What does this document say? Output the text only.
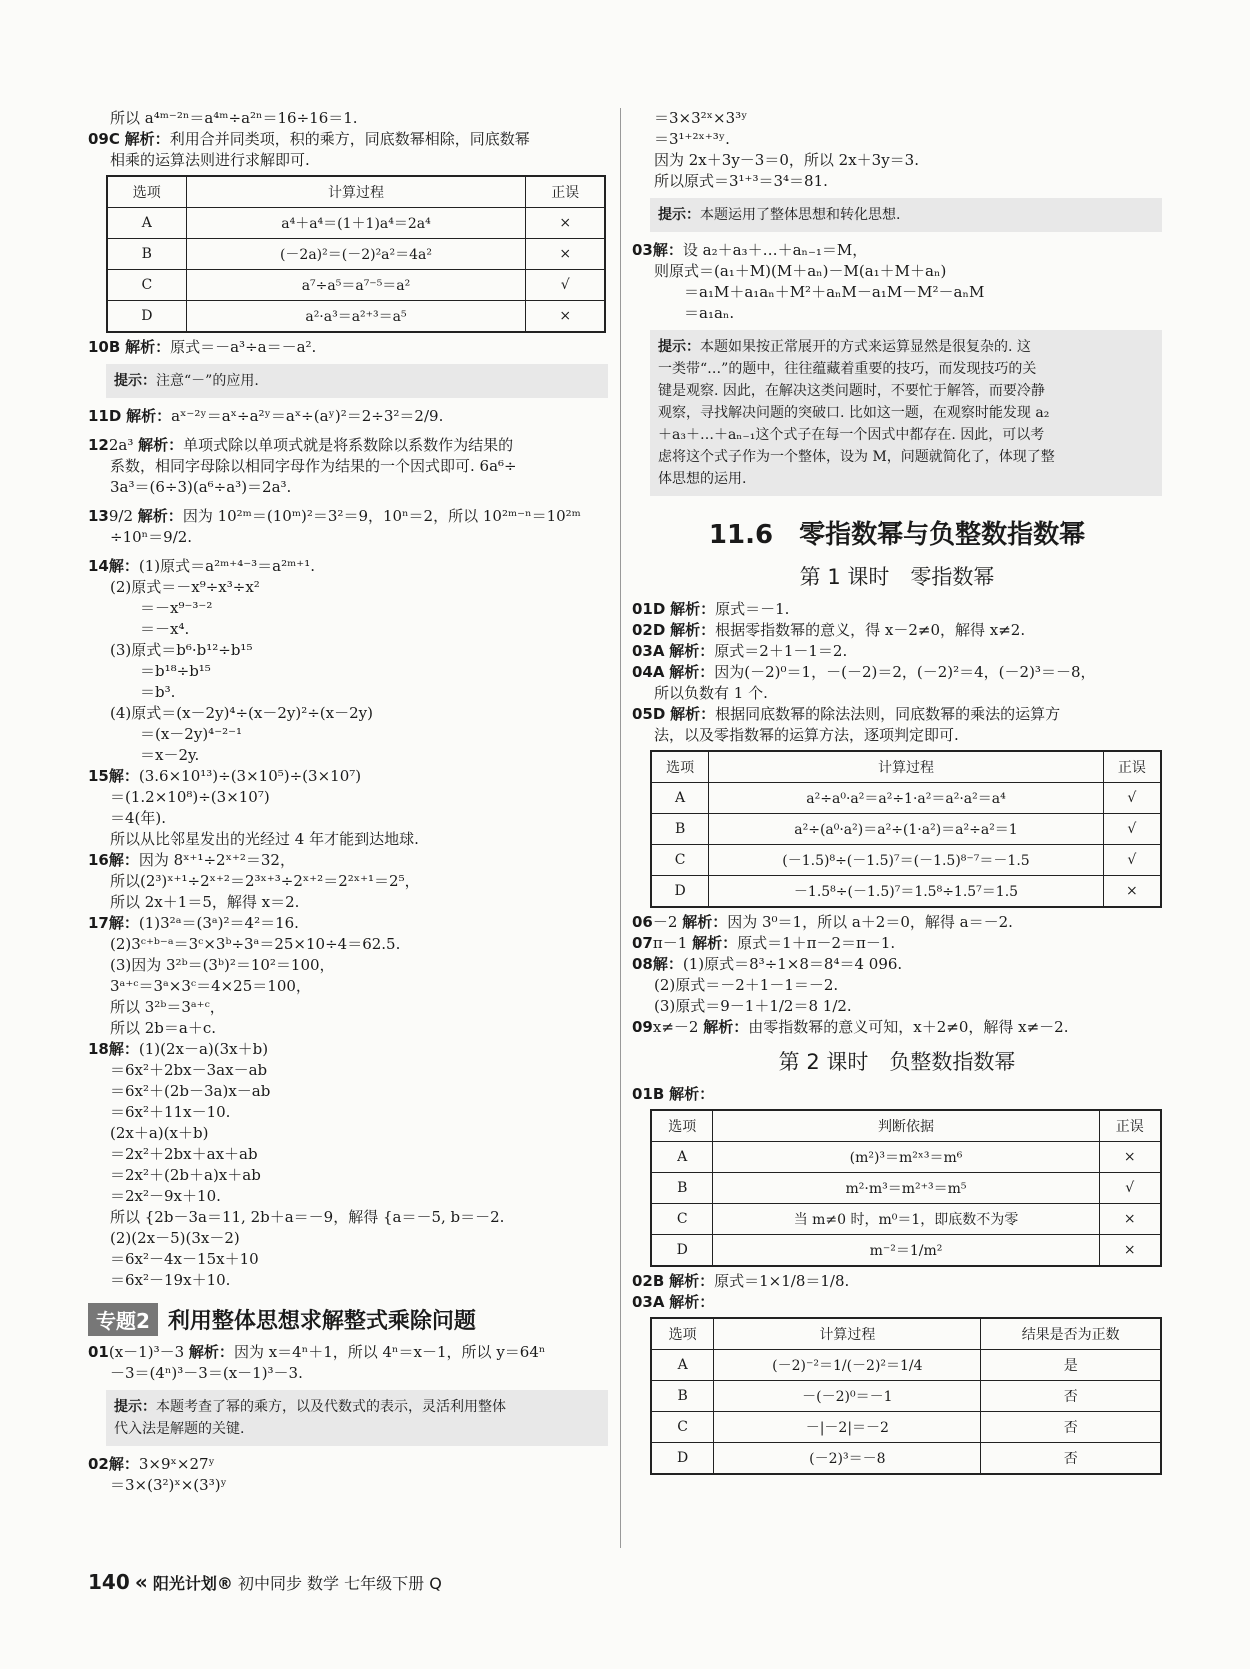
所以 a⁴ᵐ⁻²ⁿ＝a⁴ᵐ÷a²ⁿ＝16÷16＝1.
09C 解析：利用合并同类项，积的乘方，同底数幂相除，同底数幂
相乘的运算法则进行求解即可.
选项	计算过程	正误
A	a⁴＋a⁴＝(1＋1)a⁴＝2a⁴	×
B	(－2a)²＝(－2)²a²＝4a²	×
C	a⁷÷a⁵＝a⁷⁻⁵＝a²	√
D	a²·a³＝a²⁺³＝a⁵	×
10B 解析：原式＝－a³÷a＝－a².
提示：注意“－”的应用.
11D 解析：aˣ⁻²ʸ＝aˣ÷a²ʸ＝aˣ÷(aʸ)²＝2÷3²＝2/9.
122a³ 解析：单项式除以单项式就是将系数除以系数作为结果的
系数，相同字母除以相同字母作为结果的一个因式即可. 6a⁶÷
3a³＝(6÷3)(a⁶÷a³)＝2a³.
139/2 解析：因为 10²ᵐ＝(10ᵐ)²＝3²＝9，10ⁿ＝2，所以 10²ᵐ⁻ⁿ＝10²ᵐ
÷10ⁿ＝9/2.
14解：(1)原式＝a²ᵐ⁺⁴⁻³＝a²ᵐ⁺¹.
(2)原式＝－x⁹÷x³÷x²
＝－x⁹⁻³⁻²
＝－x⁴.
(3)原式＝b⁶·b¹²÷b¹⁵
＝b¹⁸÷b¹⁵
＝b³.
(4)原式＝(x－2y)⁴÷(x－2y)²÷(x－2y)
＝(x－2y)⁴⁻²⁻¹
＝x－2y.
15解：(3.6×10¹³)÷(3×10⁵)÷(3×10⁷)
＝(1.2×10⁸)÷(3×10⁷)
＝4(年).
所以从比邻星发出的光经过 4 年才能到达地球.
16解：因为 8ˣ⁺¹÷2ˣ⁺²＝32，
所以(2³)ˣ⁺¹÷2ˣ⁺²＝2³ˣ⁺³÷2ˣ⁺²＝2²ˣ⁺¹＝2⁵，
所以 2x＋1＝5，解得 x＝2.
17解：(1)3²ᵃ＝(3ᵃ)²＝4²＝16.
(2)3ᶜ⁺ᵇ⁻ᵃ＝3ᶜ×3ᵇ÷3ᵃ＝25×10÷4＝62.5.
(3)因为 3²ᵇ＝(3ᵇ)²＝10²＝100，
3ᵃ⁺ᶜ＝3ᵃ×3ᶜ＝4×25＝100，
所以 3²ᵇ＝3ᵃ⁺ᶜ，
所以 2b＝a＋c.
18解：(1)(2x－a)(3x＋b)
＝6x²＋2bx－3ax－ab
＝6x²＋(2b－3a)x－ab
＝6x²＋11x－10.
(2x＋a)(x＋b)
＝2x²＋2bx＋ax＋ab
＝2x²＋(2b＋a)x＋ab
＝2x²－9x＋10.
所以 {2b－3a＝11, 2b＋a＝－9，解得 {a＝－5, b＝－2.
(2)(2x－5)(3x－2)
＝6x²－4x－15x＋10
＝6x²－19x＋10.
专题2 利用整体思想求解整式乘除问题
01(x－1)³－3 解析：因为 x＝4ⁿ＋1，所以 4ⁿ＝x－1，所以 y＝64ⁿ
－3＝(4ⁿ)³－3＝(x－1)³－3.
提示：本题考查了幂的乘方，以及代数式的表示，灵活利用整体
代入法是解题的关键.
02解：3×9ˣ×27ʸ
＝3×(3²)ˣ×(3³)ʸ
＝3×3²ˣ×3³ʸ
＝3¹⁺²ˣ⁺³ʸ.
因为 2x＋3y－3＝0，所以 2x＋3y＝3.
所以原式＝3¹⁺³＝3⁴＝81.
提示：本题运用了整体思想和转化思想.
03解：设 a₂＋a₃＋…＋aₙ₋₁＝M，
则原式＝(a₁＋M)(M＋aₙ)－M(a₁＋M＋aₙ)
＝a₁M＋a₁aₙ＋M²＋aₙM－a₁M－M²－aₙM
＝a₁aₙ.
提示：本题如果按正常展开的方式来运算显然是很复杂的. 这
一类带“…”的题中，往往蕴藏着重要的技巧，而发现技巧的关
键是观察. 因此，在解决这类问题时，不要忙于解答，而要冷静
观察，寻找解决问题的突破口. 比如这一题，在观察时能发现 a₂
＋a₃＋…＋aₙ₋₁这个式子在每一个因式中都存在. 因此，可以考
虑将这个式子作为一个整体，设为 M，问题就简化了，体现了整
体思想的运用.
11.6　零指数幂与负整数指数幂
第 1 课时　零指数幂
01D 解析：原式＝－1.
02D 解析：根据零指数幂的意义，得 x－2≠0，解得 x≠2.
03A 解析：原式＝2＋1－1＝2.
04A 解析：因为(－2)⁰＝1，－(－2)＝2，(－2)²＝4，(－2)³＝－8，
所以负数有 1 个.
05D 解析：根据同底数幂的除法法则，同底数幂的乘法的运算方
法，以及零指数幂的运算方法，逐项判定即可.
选项	计算过程	正误
A	a²÷a⁰·a²＝a²÷1·a²＝a²·a²＝a⁴	√
B	a²÷(a⁰·a²)＝a²÷(1·a²)＝a²÷a²＝1	√
C	(－1.5)⁸÷(－1.5)⁷＝(－1.5)⁸⁻⁷＝－1.5	√
D	－1.5⁸÷(－1.5)⁷＝1.5⁸÷1.5⁷＝1.5	×
06－2 解析：因为 3⁰＝1，所以 a＋2＝0，解得 a＝－2.
07π－1 解析：原式＝1＋π－2＝π－1.
08解：(1)原式＝8³÷1×8＝8⁴＝4 096.
(2)原式＝－2＋1－1＝－2.
(3)原式＝9－1＋1/2＝8 1/2.
09x≠－2 解析：由零指数幂的意义可知，x＋2≠0，解得 x≠－2.
第 2 课时　负整数指数幂
01B 解析：
选项	判断依据	正误
A	(m²)³＝m²ˣ³＝m⁶	×
B	m²·m³＝m²⁺³＝m⁵	√
C	当 m≠0 时，m⁰＝1，即底数不为零	×
D	m⁻²＝1/m²	×
02B 解析：原式＝1×1/8＝1/8.
03A 解析：
选项	计算过程	结果是否为正数
A	(－2)⁻²＝1/(－2)²＝1/4	是
B	－(－2)⁰＝－1	否
C	－|－2|＝－2	否
D	(－2)³＝－8	否
140 « 阳光计划® 初中同步 数学 七年级下册 Q
